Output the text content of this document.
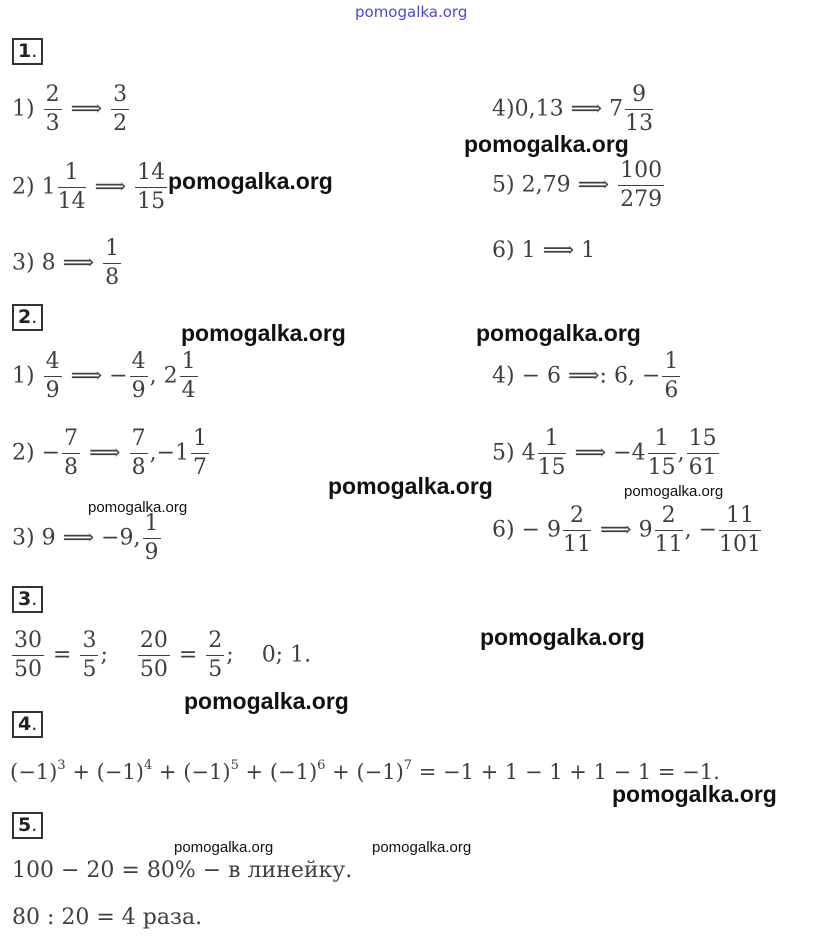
pomogalka.org
1.
$1) \frac{2}{3}$ ⟹ $\frac{3}{2}$
2) $1 \frac{1}{14}$ ⟹ $\frac{14}{15}$
3) 8 ⟹ $\frac{1}{8}$
4)0,13 ⟹ $7 \frac{9}{13}$
5) 2,79 ⟹ $\frac{100}{279}$
6) 1 ⟹ 1
2.
$1) \frac{4}{9}$ ⟹ − $\frac{4}{9}$ , $2 \frac{1}{4}$
$2) - \frac{7}{8}$ ⟹ $\frac{7}{8} ,-1 \frac{1}{7}$
3) 9 ⟹ −9, $\frac{1}{9}$
4) − 6 ⟹: 6, − $\frac{1}{6}$
5) $4 \frac{1}{15}$ ⟹ $-4 \frac{1}{15}$ , $\frac{15}{61}$
$6) - 9 \frac{2}{11}$ ⟹ $9 \frac{2}{11}$ , − $\frac{11}{101}$
3.
$\frac{30}{50} = \frac{3}{5}$ ; $\frac{20}{50} = \frac{2}{5}$ ; 0; 1.
4.
$(-1)^3 + (-1)^4 + (-1)^5 + (-1)^6 + (-1)^7 = -1 + 1 - 1 + 1 - 1 = -1$.
5.
100 − 20 = 80% − в линейку.
80 : 20 = 4 раза.
pomogalka.org
pomogalka.org
pomogalka.org	pomogalka.org
pomogalka.org
pomogalka.org
pomogalka.org
pomogalka.org
pomogalka.org
pomogalka.org
pomogalka.org	pomogalka.org
